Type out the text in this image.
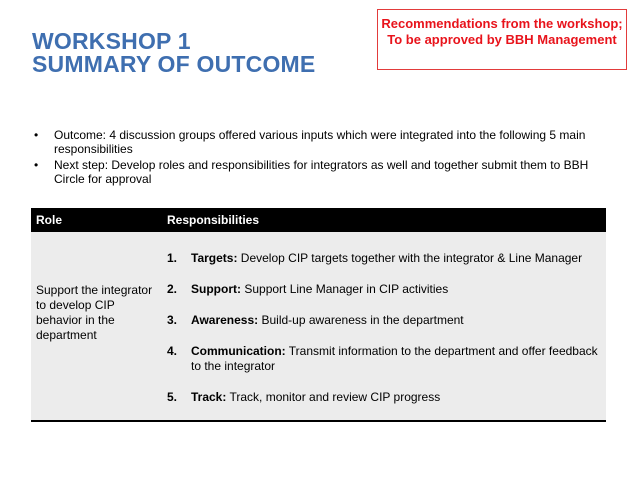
WORKSHOP 1
SUMMARY OF OUTCOME
Recommendations from the workshop; To be approved by BBH Management
• Outcome: 4 discussion groups offered various inputs which were integrated into the following 5 main responsibilities
• Next step: Develop roles and responsibilities for integrators as well and together submit them to BBH Circle for approval
Role	Responsibilities
Support the integrator to develop CIP behavior in the department
1. Targets: Develop CIP targets together with the integrator & Line Manager
2. Support: Support Line Manager in CIP activities
3. Awareness: Build-up awareness in the department
4. Communication: Transmit information to the department and offer feedback to the integrator
5. Track: Track, monitor and review CIP progress
